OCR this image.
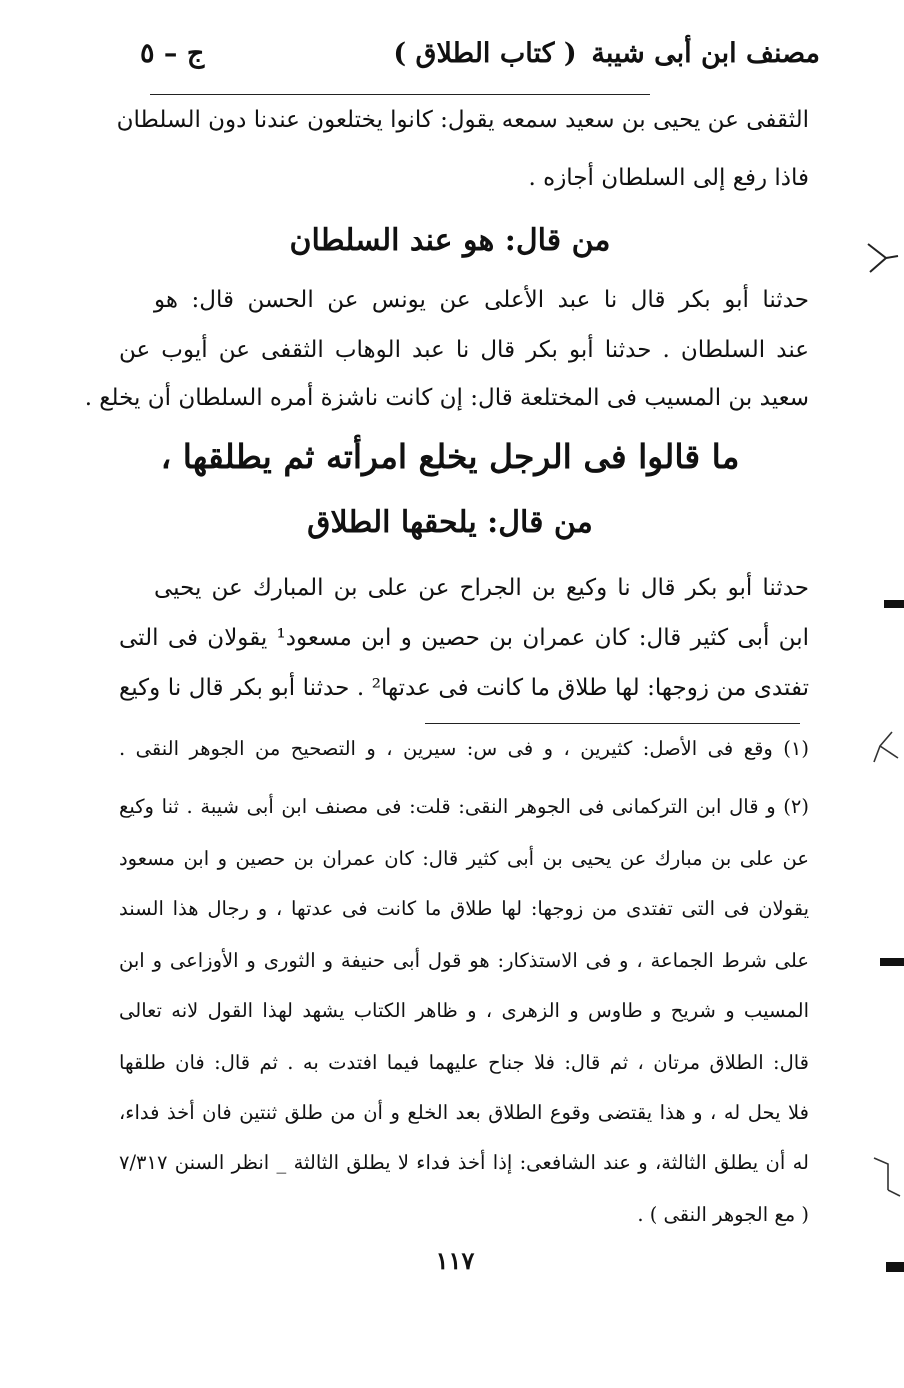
مصنف ابن أبى شيبة
( كتاب الطلاق )
ج – ٥
الثقفى عن يحيى بن سعيد سمعه يقول: كانوا يختلعون عندنا دون السلطان
فاذا رفع إلى السلطان أجازه .
من قال: هو عند السلطان
حدثنا أبو بكر قال نا عبد الأعلى عن يونس عن الحسن قال: هو
عند السلطان . حدثنا أبو بكر قال نا عبد الوهاب الثقفى عن أيوب عن
سعيد بن المسيب فى المختلعة قال: إن كانت ناشزة أمره السلطان أن يخلع .
ما قالوا فى الرجل يخلع امرأته ثم يطلقها ،
من قال: يلحقها الطلاق
حدثنا أبو بكر قال نا وكيع بن الجراح عن على بن المبارك عن يحيى
ابن أبى كثير قال: كان عمران بن حصين و ابن مسعود¹ يقولان فى التى
تفتدى من زوجها: لها طلاق ما كانت فى عدتها² . حدثنا أبو بكر قال نا وكيع
(١) وقع فى الأصل: كثيرين ، و فى س: سيرين ، و التصحيح من الجوهر النقى .
(٢) و قال ابن التركمانى فى الجوهر النقى: قلت: فى مصنف ابن أبى شيبة . ثنا وكيع
عن على بن مبارك عن يحيى بن أبى كثير قال: كان عمران بن حصين و ابن مسعود
يقولان فى التى تفتدى من زوجها: لها طلاق ما كانت فى عدتها ، و رجال هذا السند
على شرط الجماعة ، و فى الاستذكار: هو قول أبى حنيفة و الثورى و الأوزاعى و ابن
المسيب و شريح و طاوس و الزهرى ، و ظاهر الكتاب يشهد لهذا القول لانه تعالى
قال: الطلاق مرتان ، ثم قال: فلا جناح عليهما فيما افتدت به . ثم قال: فان طلقها
فلا يحل له ، و هذا يقتضى وقوع الطلاق بعد الخلع و أن من طلق ثنتين فان أخذ فداء،
له أن يطلق الثالثة، و عند الشافعى: إذا أخذ فداء لا يطلق الثالثة _ انظر السنن ٧/٣١٧
( مع الجوهر النقى ) .
١١٧
